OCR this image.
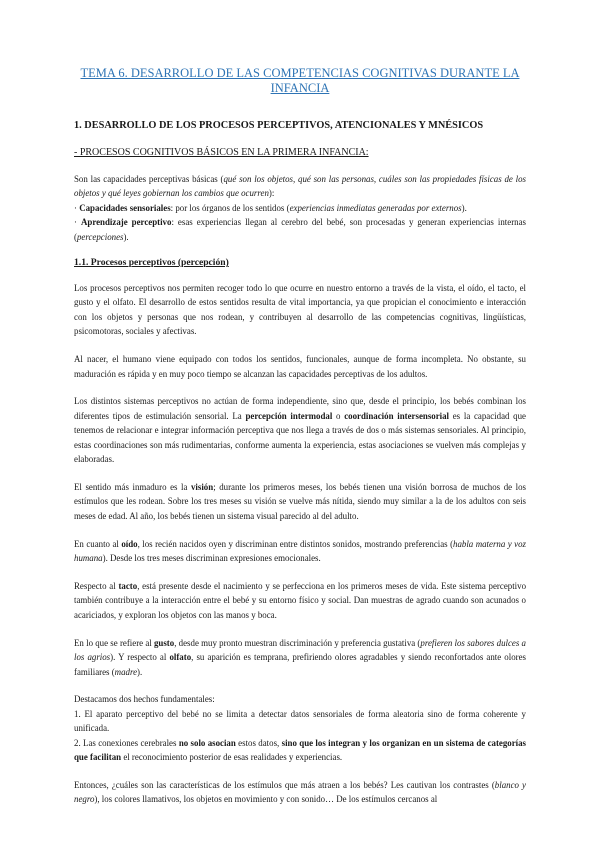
TEMA 6. DESARROLLO DE LAS COMPETENCIAS COGNITIVAS DURANTE LA INFANCIA
1. DESARROLLO DE LOS PROCESOS PERCEPTIVOS, ATENCIONALES Y MNÉSICOS
- PROCESOS COGNITIVOS BÁSICOS EN LA PRIMERA INFANCIA:

Son las capacidades perceptivas básicas (qué son los objetos, qué son las personas, cuáles son las propiedades físicas de los objetos y qué leyes gobiernan los cambios que ocurren):

· Capacidades sensoriales: por los órganos de los sentidos (experiencias inmediatas generadas por externos).

· Aprendizaje perceptivo: esas experiencias llegan al cerebro del bebé, son procesadas y generan experiencias internas (percepciones).

1.1. Procesos perceptivos (percepción)

Los procesos perceptivos nos permiten recoger todo lo que ocurre en nuestro entorno a través de la vista, el oído, el tacto, el gusto y el olfato. El desarrollo de estos sentidos resulta de vital importancia, ya que propician el conocimiento e interacción con los objetos y personas que nos rodean, y contribuyen al desarrollo de las competencias cognitivas, lingüísticas, psicomotoras, sociales y afectivas.

Al nacer, el humano viene equipado con todos los sentidos, funcionales, aunque de forma incompleta. No obstante, su maduración es rápida y en muy poco tiempo se alcanzan las capacidades perceptivas de los adultos.

Los distintos sistemas perceptivos no actúan de forma independiente, sino que, desde el principio, los bebés combinan los diferentes tipos de estimulación sensorial. La percepción intermodal o coordinación intersensorial es la capacidad que tenemos de relacionar e integrar información perceptiva que nos llega a través de dos o más sistemas sensoriales. Al principio, estas coordinaciones son más rudimentarias, conforme aumenta la experiencia, estas asociaciones se vuelven más complejas y elaboradas.

El sentido más inmaduro es la visión; durante los primeros meses, los bebés tienen una visión borrosa de muchos de los estímulos que les rodean. Sobre los tres meses su visión se vuelve más nítida, siendo muy similar a la de los adultos con seis meses de edad. Al año, los bebés tienen un sistema visual parecido al del adulto.

En cuanto al oído, los recién nacidos oyen y discriminan entre distintos sonidos, mostrando preferencias (habla materna y voz humana). Desde los tres meses discriminan expresiones emocionales.

Respecto al tacto, está presente desde el nacimiento y se perfecciona en los primeros meses de vida. Este sistema perceptivo también contribuye a la interacción entre el bebé y su entorno físico y social. Dan muestras de agrado cuando son acunados o acariciados, y exploran los objetos con las manos y boca.

En lo que se refiere al gusto, desde muy pronto muestran discriminación y preferencia gustativa (prefieren los sabores dulces a los agrios). Y respecto al olfato, su aparición es temprana, prefiriendo olores agradables y siendo reconfortados ante olores familiares (madre).

Destacamos dos hechos fundamentales:
1. El aparato perceptivo del bebé no se limita a detectar datos sensoriales de forma aleatoria sino de forma coherente y unificada.
2. Las conexiones cerebrales no solo asocian estos datos, sino que los integran y los organizan en un sistema de categorías que facilitan el reconocimiento posterior de esas realidades y experiencias.

Entonces, ¿cuáles son las características de los estímulos que más atraen a los bebés? Les cautivan los contrastes (blanco y negro), los colores llamativos, los objetos en movimiento y con sonido… De los estímulos cercanos al
